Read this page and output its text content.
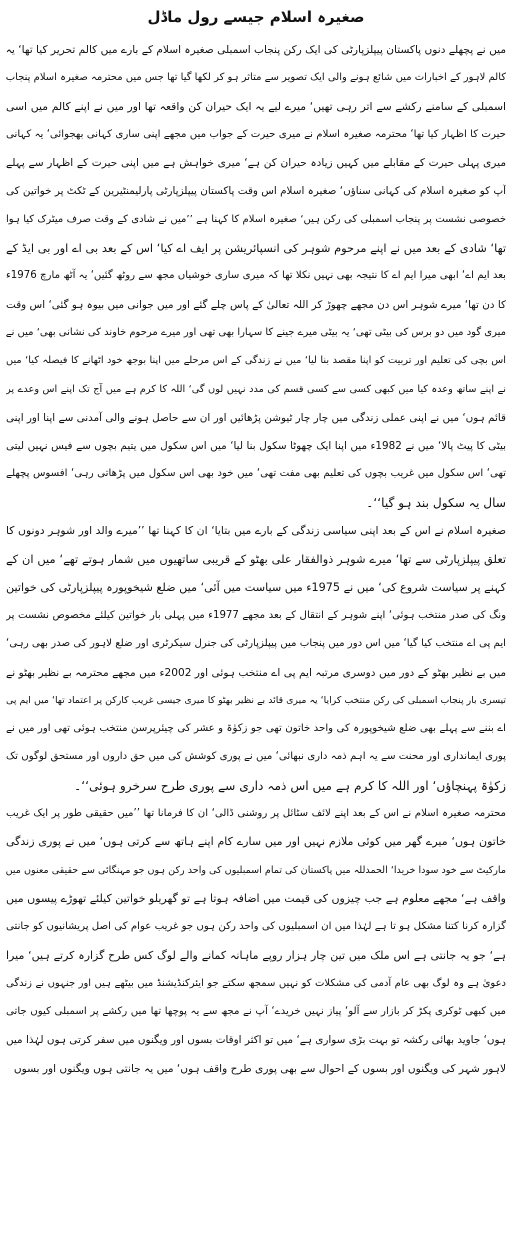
صغیرہ اسلام جیسے رول ماڈل
میں نے پچھلے دنوں پاکستان پیپلزپارٹی کی ایک رکن پنجاب اسمبلی صغیرہ اسلام کے بارے میں کالم تحریر کیا تھا‘ یہ
کالم لاہور کے اخبارات میں شائع ہونے والی ایک تصویر سے متاثر ہو کر لکھا گیا تھا جس میں محترمہ صغیرہ اسلام پنجاب
اسمبلی کے سامنے رکشے سے اتر رہی تھیں‘ میرے لیے یہ ایک حیران کن واقعہ تھا اور میں نے اپنے کالم میں اسی
حیرت کا اظہار کیا تھا‘ محترمہ صغیرہ اسلام نے میری حیرت کے جواب میں مجھے اپنی ساری کہانی بھجوائی‘ یہ کہانی
میری پہلی حیرت کے مقابلے میں کہیں زیادہ حیران کن ہے‘ میری خواہش ہے میں اپنی حیرت کے اظہار سے پہلے
آپ کو صغیرہ اسلام کی کہانی سناؤں‘ صغیرہ اسلام اس وقت پاکستان پیپلزپارٹی پارلیمنٹیرین کے ٹکٹ پر خواتین کی
خصوصی نشست پر پنجاب اسمبلی کی رکن ہیں‘ صغیرہ اسلام کا کہنا ہے ’’میں نے شادی کے وقت صرف میٹرک کیا ہوا
تھا‘ شادی کے بعد میں نے اپنے مرحوم شوہر کی انسپائریشن پر ایف اے کیا‘ اس کے بعد بی اے اور بی ایڈ کے
بعد ایم اے‘ ابھی میرا ایم اے کا نتیجہ بھی نہیں نکلا تھا کہ میری ساری خوشیاں مجھ سے روٹھ گئیں‘ یہ آٹھ مارچ 1976ء
کا دن تھا‘ میرے شوہر اس دن مجھے چھوڑ کر اللہ تعالیٰ کے پاس چلے گئے اور میں جوانی میں بیوہ ہو گئی‘ اس وقت
میری گود میں دو برس کی بیٹی تھی‘ یہ بیٹی میرے جینے کا سہارا بھی تھی اور میرے مرحوم خاوند کی نشانی بھی‘ میں نے
اس بچی کی تعلیم اور تربیت کو اپنا مقصد بنا لیا‘ میں نے زندگی کے اس مرحلے میں اپنا بوجھ خود اٹھانے کا فیصلہ کیا‘ میں
نے اپنے ساتھ وعدہ کیا میں کبھی کسی سے کسی قسم کی مدد نہیں لوں گی‘ اللہ کا کرم ہے میں آج تک اپنے اس وعدے پر
قائم ہوں‘ میں نے اپنی عملی زندگی میں چار چار ٹیوشن پڑھائیں اور ان سے حاصل ہونے والی آمدنی سے اپنا اور اپنی
بیٹی کا پیٹ پالا‘ میں نے 1982ء میں اپنا ایک چھوٹا سکول بنا لیا‘ میں اس سکول میں یتیم بچوں سے فیس نہیں لیتی
تھی‘ اس سکول میں غریب بچوں کی تعلیم بھی مفت تھی‘ میں خود بھی اس سکول میں پڑھاتی رہی‘ افسوس پچھلے
سال یہ سکول بند ہو گیا‘‘۔
صغیرہ اسلام نے اس کے بعد اپنی سیاسی زندگی کے بارے میں بتایا‘ ان کا کہنا تھا ’’میرے والد اور شوہر دونوں کا
تعلق پیپلزپارٹی سے تھا‘ میرے شوہر ذوالفقار علی بھٹو کے قریبی ساتھیوں میں شمار ہوتے تھے‘ میں ان کے
کہنے پر سیاست شروع کی‘ میں نے 1975ء میں سیاست میں آئی‘ میں ضلع شیخوپورہ پیپلزپارٹی کی خواتین
ونگ کی صدر منتخب ہوئی‘ اپنے شوہر کے انتقال کے بعد مجھے 1977ء میں پہلی بار خواتین کیلئے مخصوص نشست پر
ایم پی اے منتخب کیا گیا‘ میں اس دور میں پنجاب میں پیپلزپارٹی کی جنرل سیکرٹری اور ضلع لاہور کی صدر بھی رہی‘
میں بے نظیر بھٹو کے دور میں دوسری مرتبہ ایم پی اے منتخب ہوئی اور 2002ء میں مجھے محترمہ بے نظیر بھٹو نے
تیسری بار پنجاب اسمبلی کی رکن منتخب کرایا‘ یہ میری قائد بے نظیر بھٹو کا میری جیسی غریب کارکن پر اعتماد تھا‘ میں ایم پی
اے بننے سے پہلے بھی ضلع شیخوپورہ کی واحد خاتون تھی جو زکوٰۃ و عشر کی چیئرپرسن منتخب ہوئی تھی اور میں نے
پوری ایمانداری اور محنت سے یہ اہم ذمہ داری نبھائی‘ میں نے پوری کوشش کی میں حق داروں اور مستحق لوگوں تک
زکوٰۃ پہنچاؤں‘ اور اللہ کا کرم ہے میں اس ذمہ داری سے پوری طرح سرخرو ہوئی‘‘۔
محترمہ صغیرہ اسلام نے اس کے بعد اپنے لائف سٹائل پر روشنی ڈالی‘ ان کا فرمانا تھا ’’میں حقیقی طور پر ایک غریب
خاتون ہوں‘ میرے گھر میں کوئی ملازم نہیں اور میں سارے کام اپنے ہاتھ سے کرتی ہوں‘ میں نے پوری زندگی
مارکیٹ سے خود سودا خریدا‘ الحمدللہ میں پاکستان کی تمام اسمبلیوں کی واحد رکن ہوں جو مہنگائی سے حقیقی معنوں میں
واقف ہے‘ مجھے معلوم ہے جب چیزوں کی قیمت میں اضافہ ہوتا ہے تو گھریلو خواتین کیلئے تھوڑے پیسوں میں
گزارہ کرنا کتنا مشکل ہو تا ہے لہٰذا میں ان اسمبلیوں کی واحد رکن ہوں جو غریب عوام کی اصل پریشانیوں کو جانتی
ہے‘ جو یہ جانتی ہے اس ملک میں تین چار ہزار روپے ماہانہ کمانے والے لوگ کس طرح گزارہ کرتے ہیں‘ میرا
دعویٰ ہے وہ لوگ بھی عام آدمی کی مشکلات کو نہیں سمجھ سکتے جو ایئرکنڈیشنڈ میں بیٹھے ہیں اور جنہوں نے زندگی
میں کبھی ٹوکری پکڑ کر بازار سے آلو‘ پیاز نہیں خریدے‘ آپ نے مجھ سے یہ پوچھا تھا میں رکشے پر اسمبلی کیوں جاتی
ہوں‘ جاوید بھائی رکشہ تو بہت بڑی سواری ہے‘ میں تو اکثر اوقات بسوں اور ویگنوں میں سفر کرتی ہوں لہٰذا میں
لاہور شہر کی ویگنوں اور بسوں کے احوال سے بھی پوری طرح واقف ہوں‘ میں یہ جانتی ہوں ویگنوں اور بسوں
